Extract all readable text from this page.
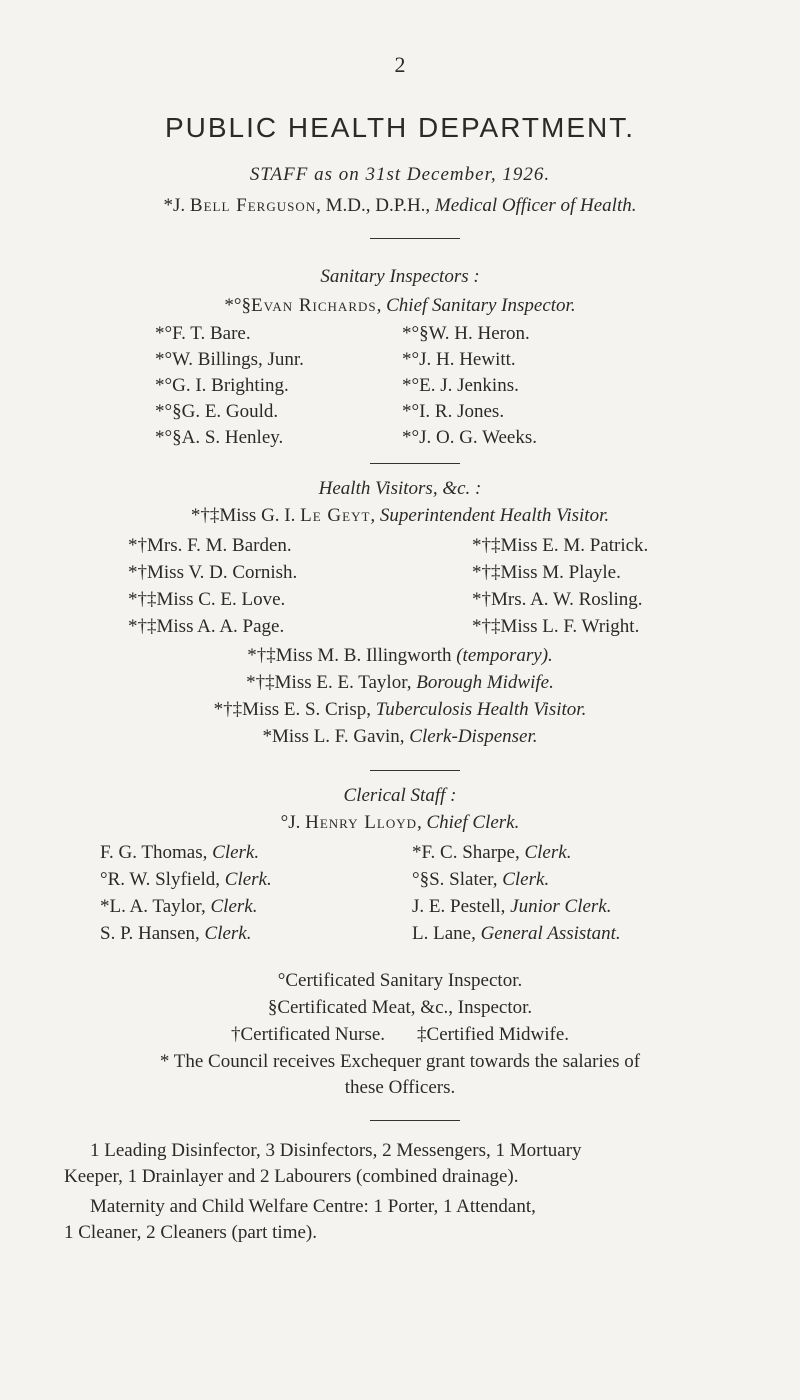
2
PUBLIC HEALTH DEPARTMENT.
STAFF as on 31st December, 1926.
*J. Bell Ferguson, M.D., D.P.H., Medical Officer of Health.
Sanitary Inspectors :
*°§Evan Richards, Chief Sanitary Inspector.
*°F. T. Bare.
*°W. Billings, Junr.
*°G. I. Brighting.
*°§G. E. Gould.
*°§A. S. Henley.
*°§W. H. Heron.
*°J. H. Hewitt.
*°E. J. Jenkins.
*°I. R. Jones.
*°J. O. G. Weeks.
Health Visitors, &c. :
*†‡Miss G. I. Le Geyt, Superintendent Health Visitor.
*†Mrs. F. M. Barden.
*†Miss V. D. Cornish.
*†‡Miss C. E. Love.
*†‡Miss A. A. Page.
*†‡Miss E. M. Patrick.
*†‡Miss M. Playle.
*†Mrs. A. W. Rosling.
*†‡Miss L. F. Wright.
*†‡Miss M. B. Illingworth (temporary).
*†‡Miss E. E. Taylor, Borough Midwife.
*†‡Miss E. S. Crisp, Tuberculosis Health Visitor.
*Miss L. F. Gavin, Clerk-Dispenser.
Clerical Staff :
°J. Henry Lloyd, Chief Clerk.
F. G. Thomas, Clerk.
°R. W. Slyfield, Clerk.
*L. A. Taylor, Clerk.
S. P. Hansen, Clerk.
*F. C. Sharpe, Clerk.
°§S. Slater, Clerk.
J. E. Pestell, Junior Clerk.
L. Lane, General Assistant.
°Certificated Sanitary Inspector.
§Certificated Meat, &c., Inspector.
†Certificated Nurse. ‡Certified Midwife.
* The Council receives Exchequer grant towards the salaries of
these Officers.
1 Leading Disinfector, 3 Disinfectors, 2 Messengers, 1 Mortuary
Keeper, 1 Drainlayer and 2 Labourers (combined drainage).
Maternity and Child Welfare Centre: 1 Porter, 1 Attendant,
1 Cleaner, 2 Cleaners (part time).
